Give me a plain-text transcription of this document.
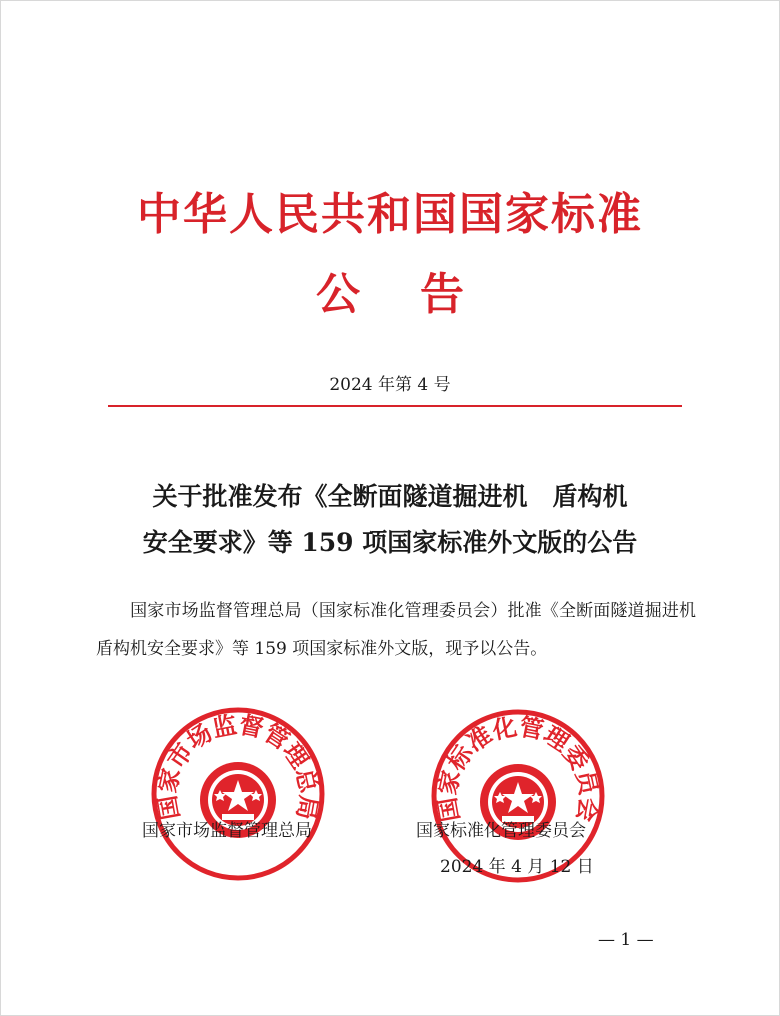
中华人民共和国国家标准
公告
2024 年第 4 号
关于批准发布《全断面隧道掘进机　盾构机
安全要求》等 159 项国家标准外文版的公告
国家市场监督管理总局（国家标准化管理委员会）批准《全断面隧道掘进机　盾构机安全要求》等 159 项国家标准外文版，现予以公告。
国家市场监督管理总局	国家标准化管理委员会
国家市场监督管理总局	国家标准化管理委员会
2024 年 4 月 12 日
— 1 —
